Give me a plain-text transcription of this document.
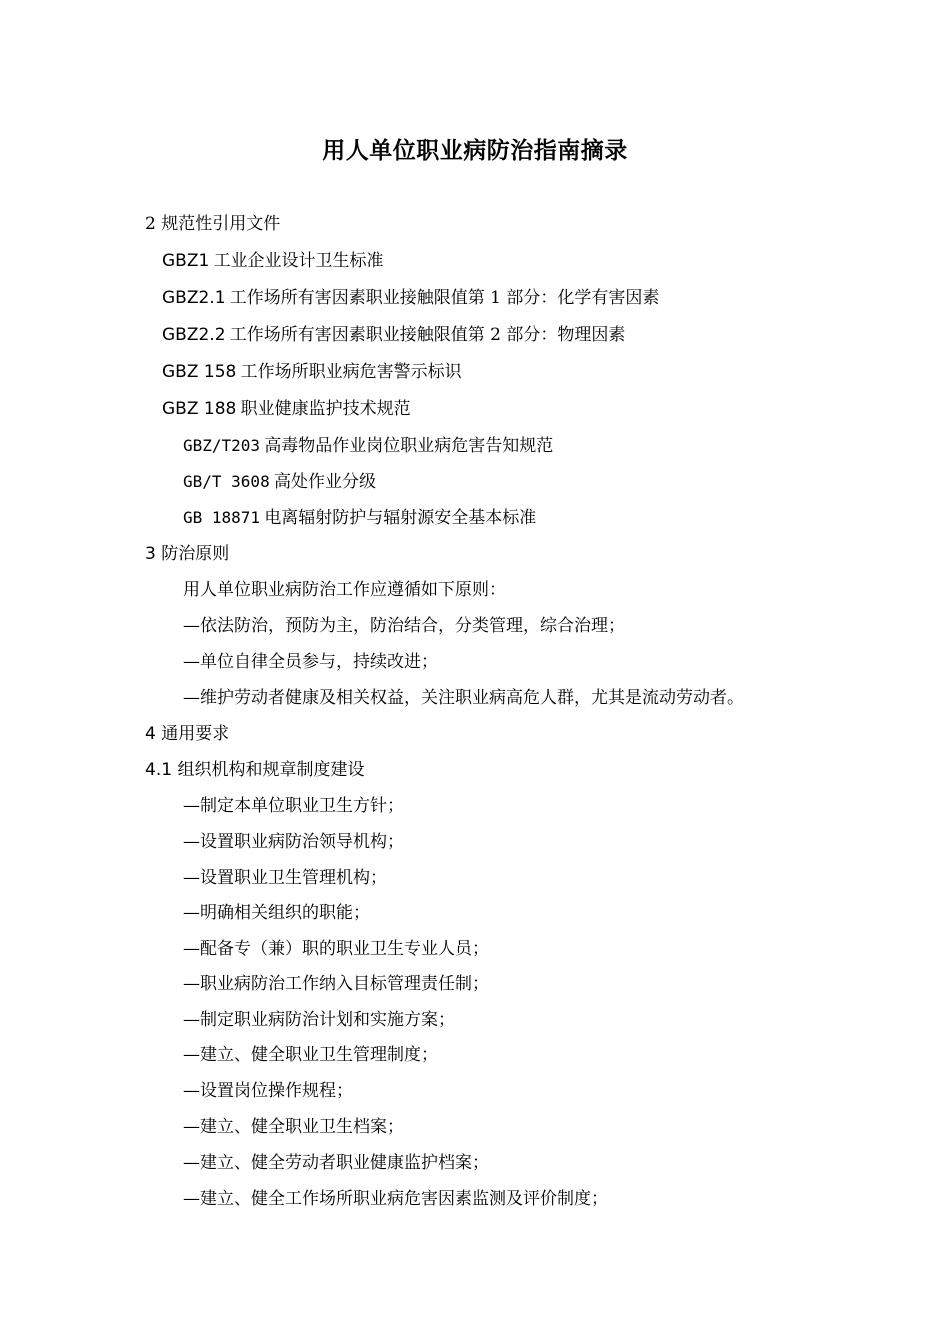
用人单位职业病防治指南摘录
2 规范性引用文件
GBZ1 工业企业设计卫生标准
GBZ2.1 工作场所有害因素职业接触限值第 1 部分：化学有害因素
GBZ2.2 工作场所有害因素职业接触限值第 2 部分：物理因素
GBZ 158 工作场所职业病危害警示标识
GBZ 188 职业健康监护技术规范
GBZ/T203 高毒物品作业岗位职业病危害告知规范
GB/T 3608 高处作业分级
GB 18871 电离辐射防护与辐射源安全基本标准
3 防治原则
用人单位职业病防治工作应遵循如下原则：
—依法防治，预防为主，防治结合，分类管理，综合治理；
—单位自律全员参与，持续改进；
—维护劳动者健康及相关权益，关注职业病高危人群，尤其是流动劳动者。
4 通用要求
4.1 组织机构和规章制度建设
—制定本单位职业卫生方针；
—设置职业病防治领导机构；
—设置职业卫生管理机构；
—明确相关组织的职能；
—配备专（兼）职的职业卫生专业人员；
—职业病防治工作纳入目标管理责任制；
—制定职业病防治计划和实施方案；
—建立、健全职业卫生管理制度；
—设置岗位操作规程；
—建立、健全职业卫生档案；
—建立、健全劳动者职业健康监护档案；
—建立、健全工作场所职业病危害因素监测及评价制度；
